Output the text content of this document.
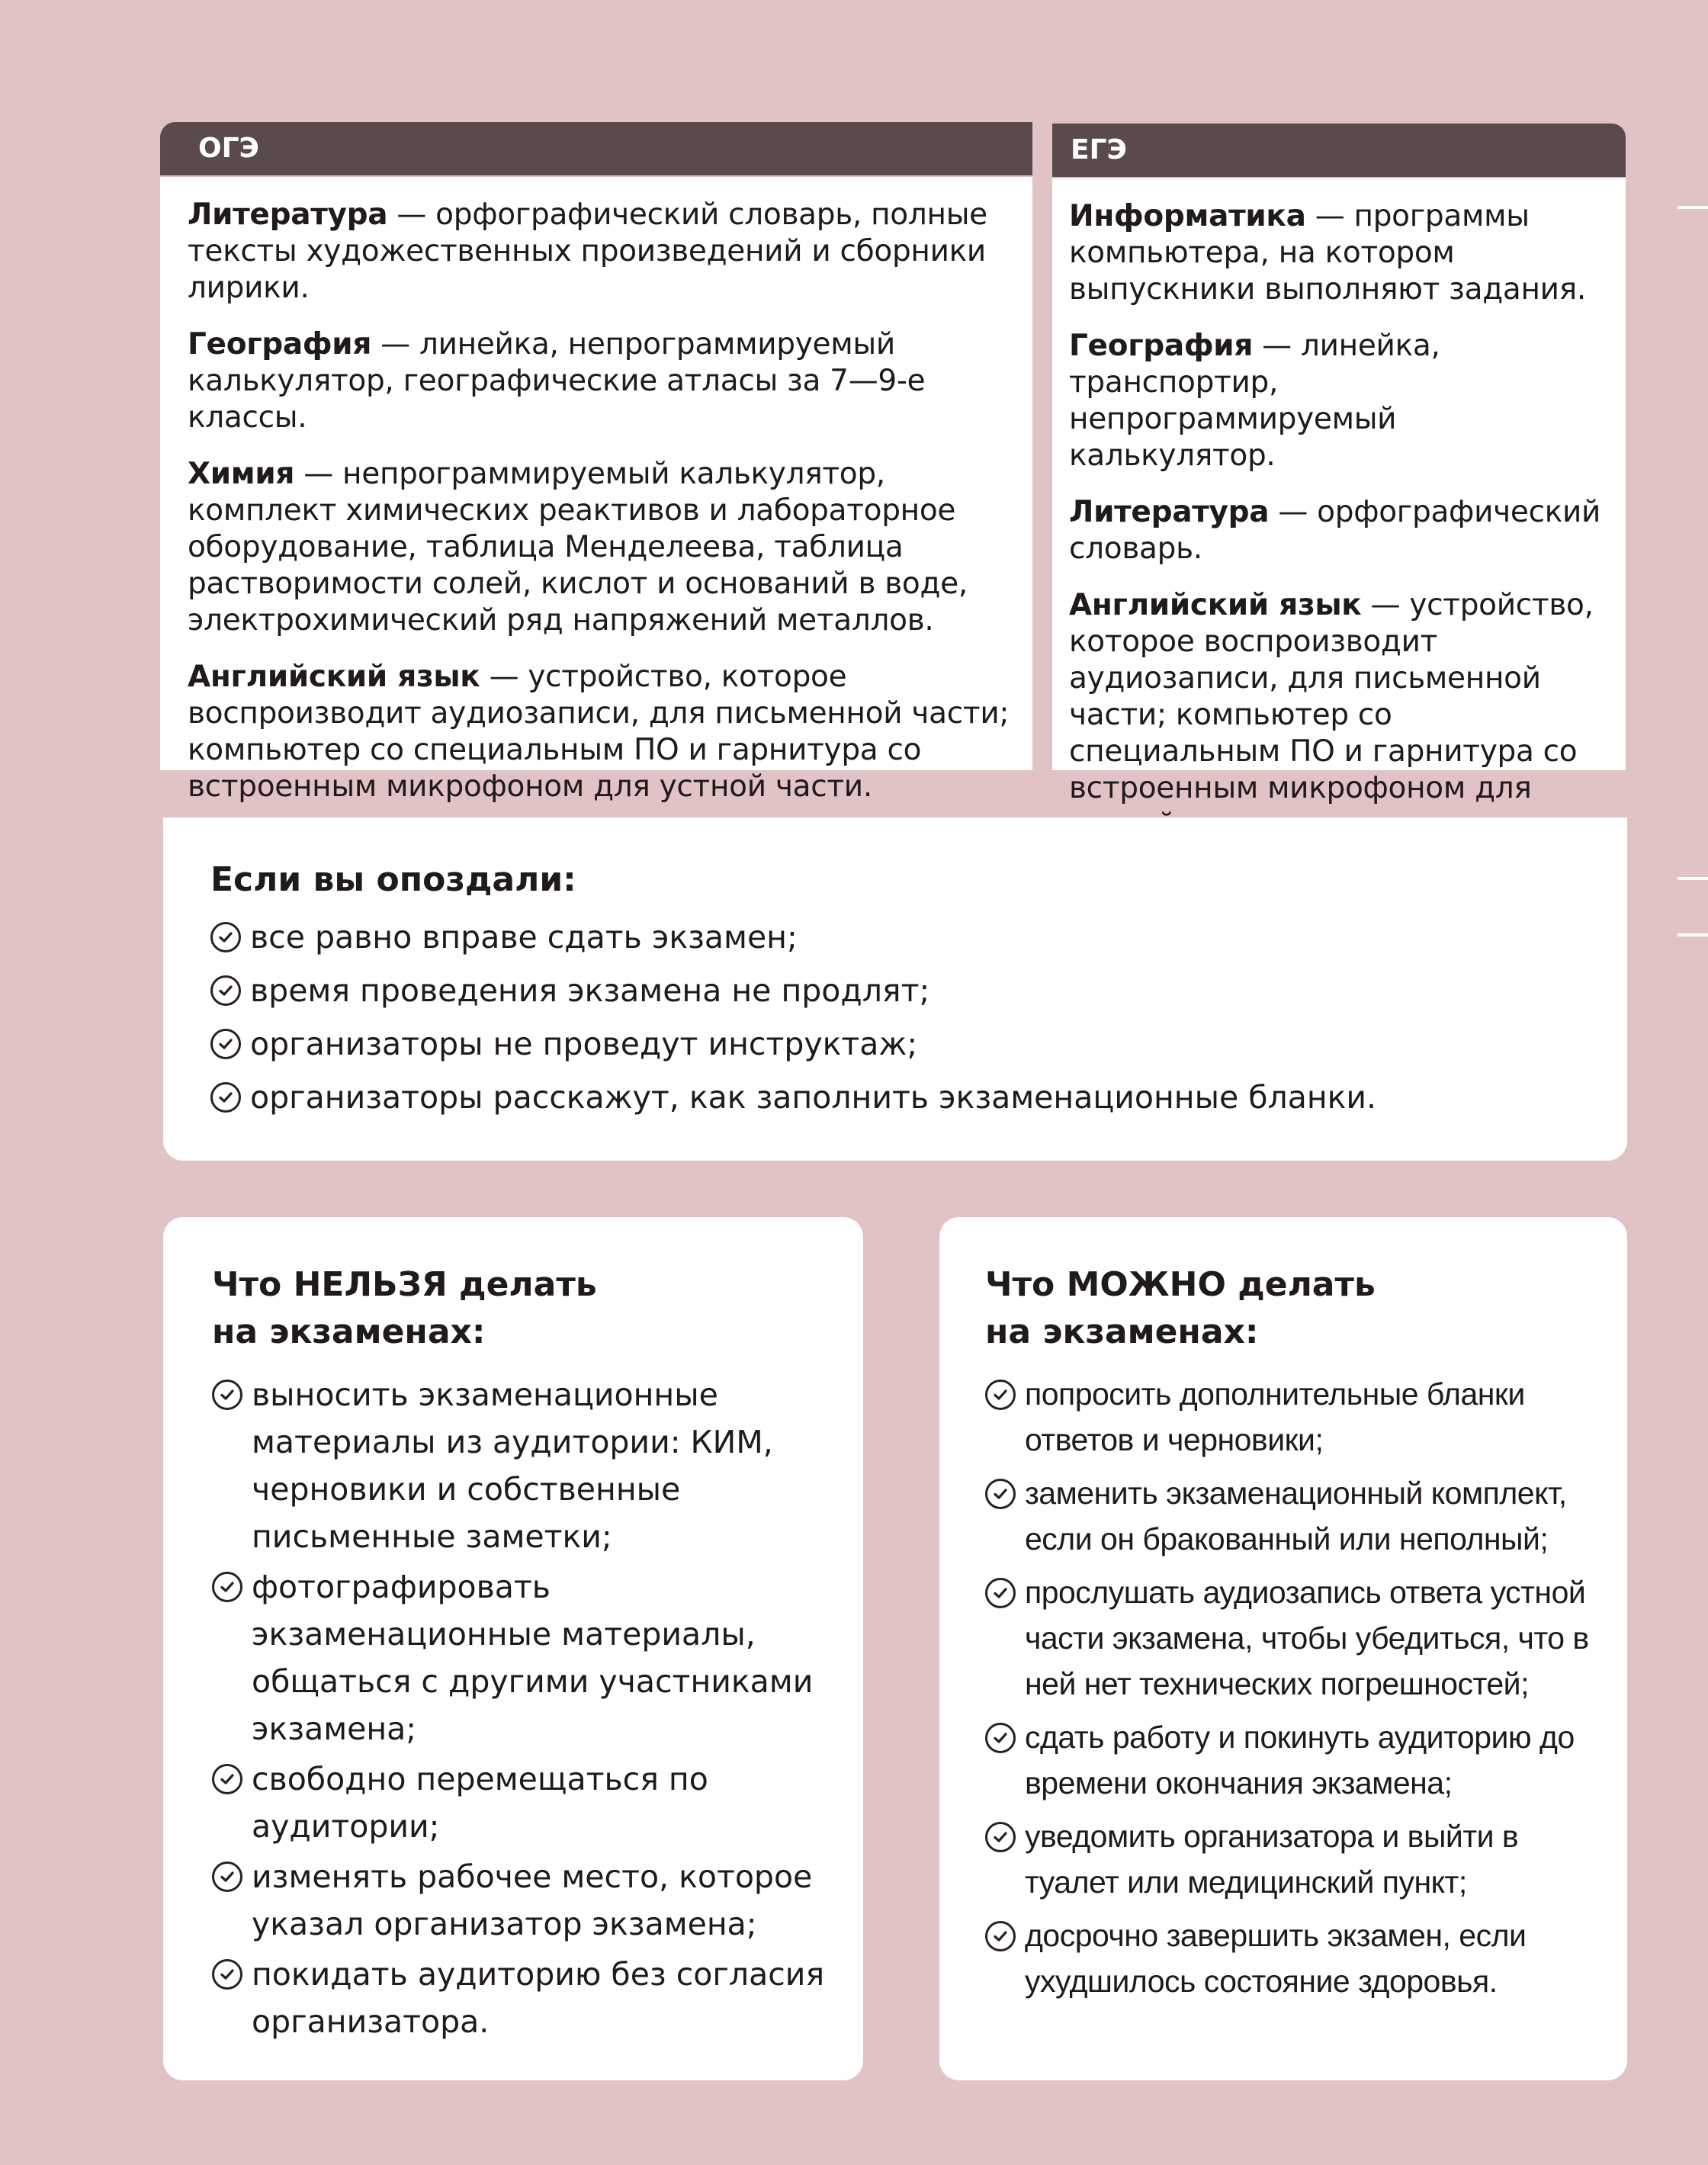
ОГЭ	ЕГЭ

Литература — орфографический словарь, полные тексты художественных произведений и сборники лирики.

География — линейка, непрограммируемый калькулятор, географические атласы за 7—9-е классы.

Химия — непрограммируемый калькулятор, комплект химических реактивов и лабораторное оборудование, таблица Менделеева, таблица растворимости солей, кислот и оснований в воде, электрохимический ряд напряжений металлов.

Английский язык — устройство, которое воспроизводит аудиозаписи, для письменной части; компьютер со специальным ПО и гарнитура со встроенным микрофоном для устной части.

Информатика — программы компьютера, на котором выпускники выполняют задания.

География — линейка, транспортир, непрограммируемый калькулятор.

Литература — орфографический словарь.

Английский язык — устройство, которое воспроизводит аудиозаписи, для письменной части; компьютер со специальным ПО и гарнитура со встроенным микрофоном для

Если вы опоздали:
все равно вправе сдать экзамен;
время проведения экзамена не продлят;
организаторы не проведут инструктаж;
организаторы расскажут, как заполнить экзаменационные бланки.
Что НЕЛЬЗЯ делать
на экзаменах:
выносить экзаменационные материалы из аудитории: КИМ, черновики и собственные письменные заметки;
фотографировать экзаменационные материалы, общаться с другими участниками экзамена;
свободно перемещаться по аудитории;
изменять рабочее место, которое указал организатор экзамена;
покидать аудиторию без согласия организатора.
Что МОЖНО делать
на экзаменах:
попросить дополнительные бланки ответов и черновики;
заменить экзаменационный комплект, если он бракованный или неполный;
прослушать аудиозапись ответа устной части экзамена, чтобы убедиться, что в ней нет технических погрешностей;
сдать работу и покинуть аудиторию до времени окончания экзамена;
уведомить организатора и выйти в туалет или медицинский пункт;
досрочно завершить экзамен, если ухудшилось состояние здоровья.
